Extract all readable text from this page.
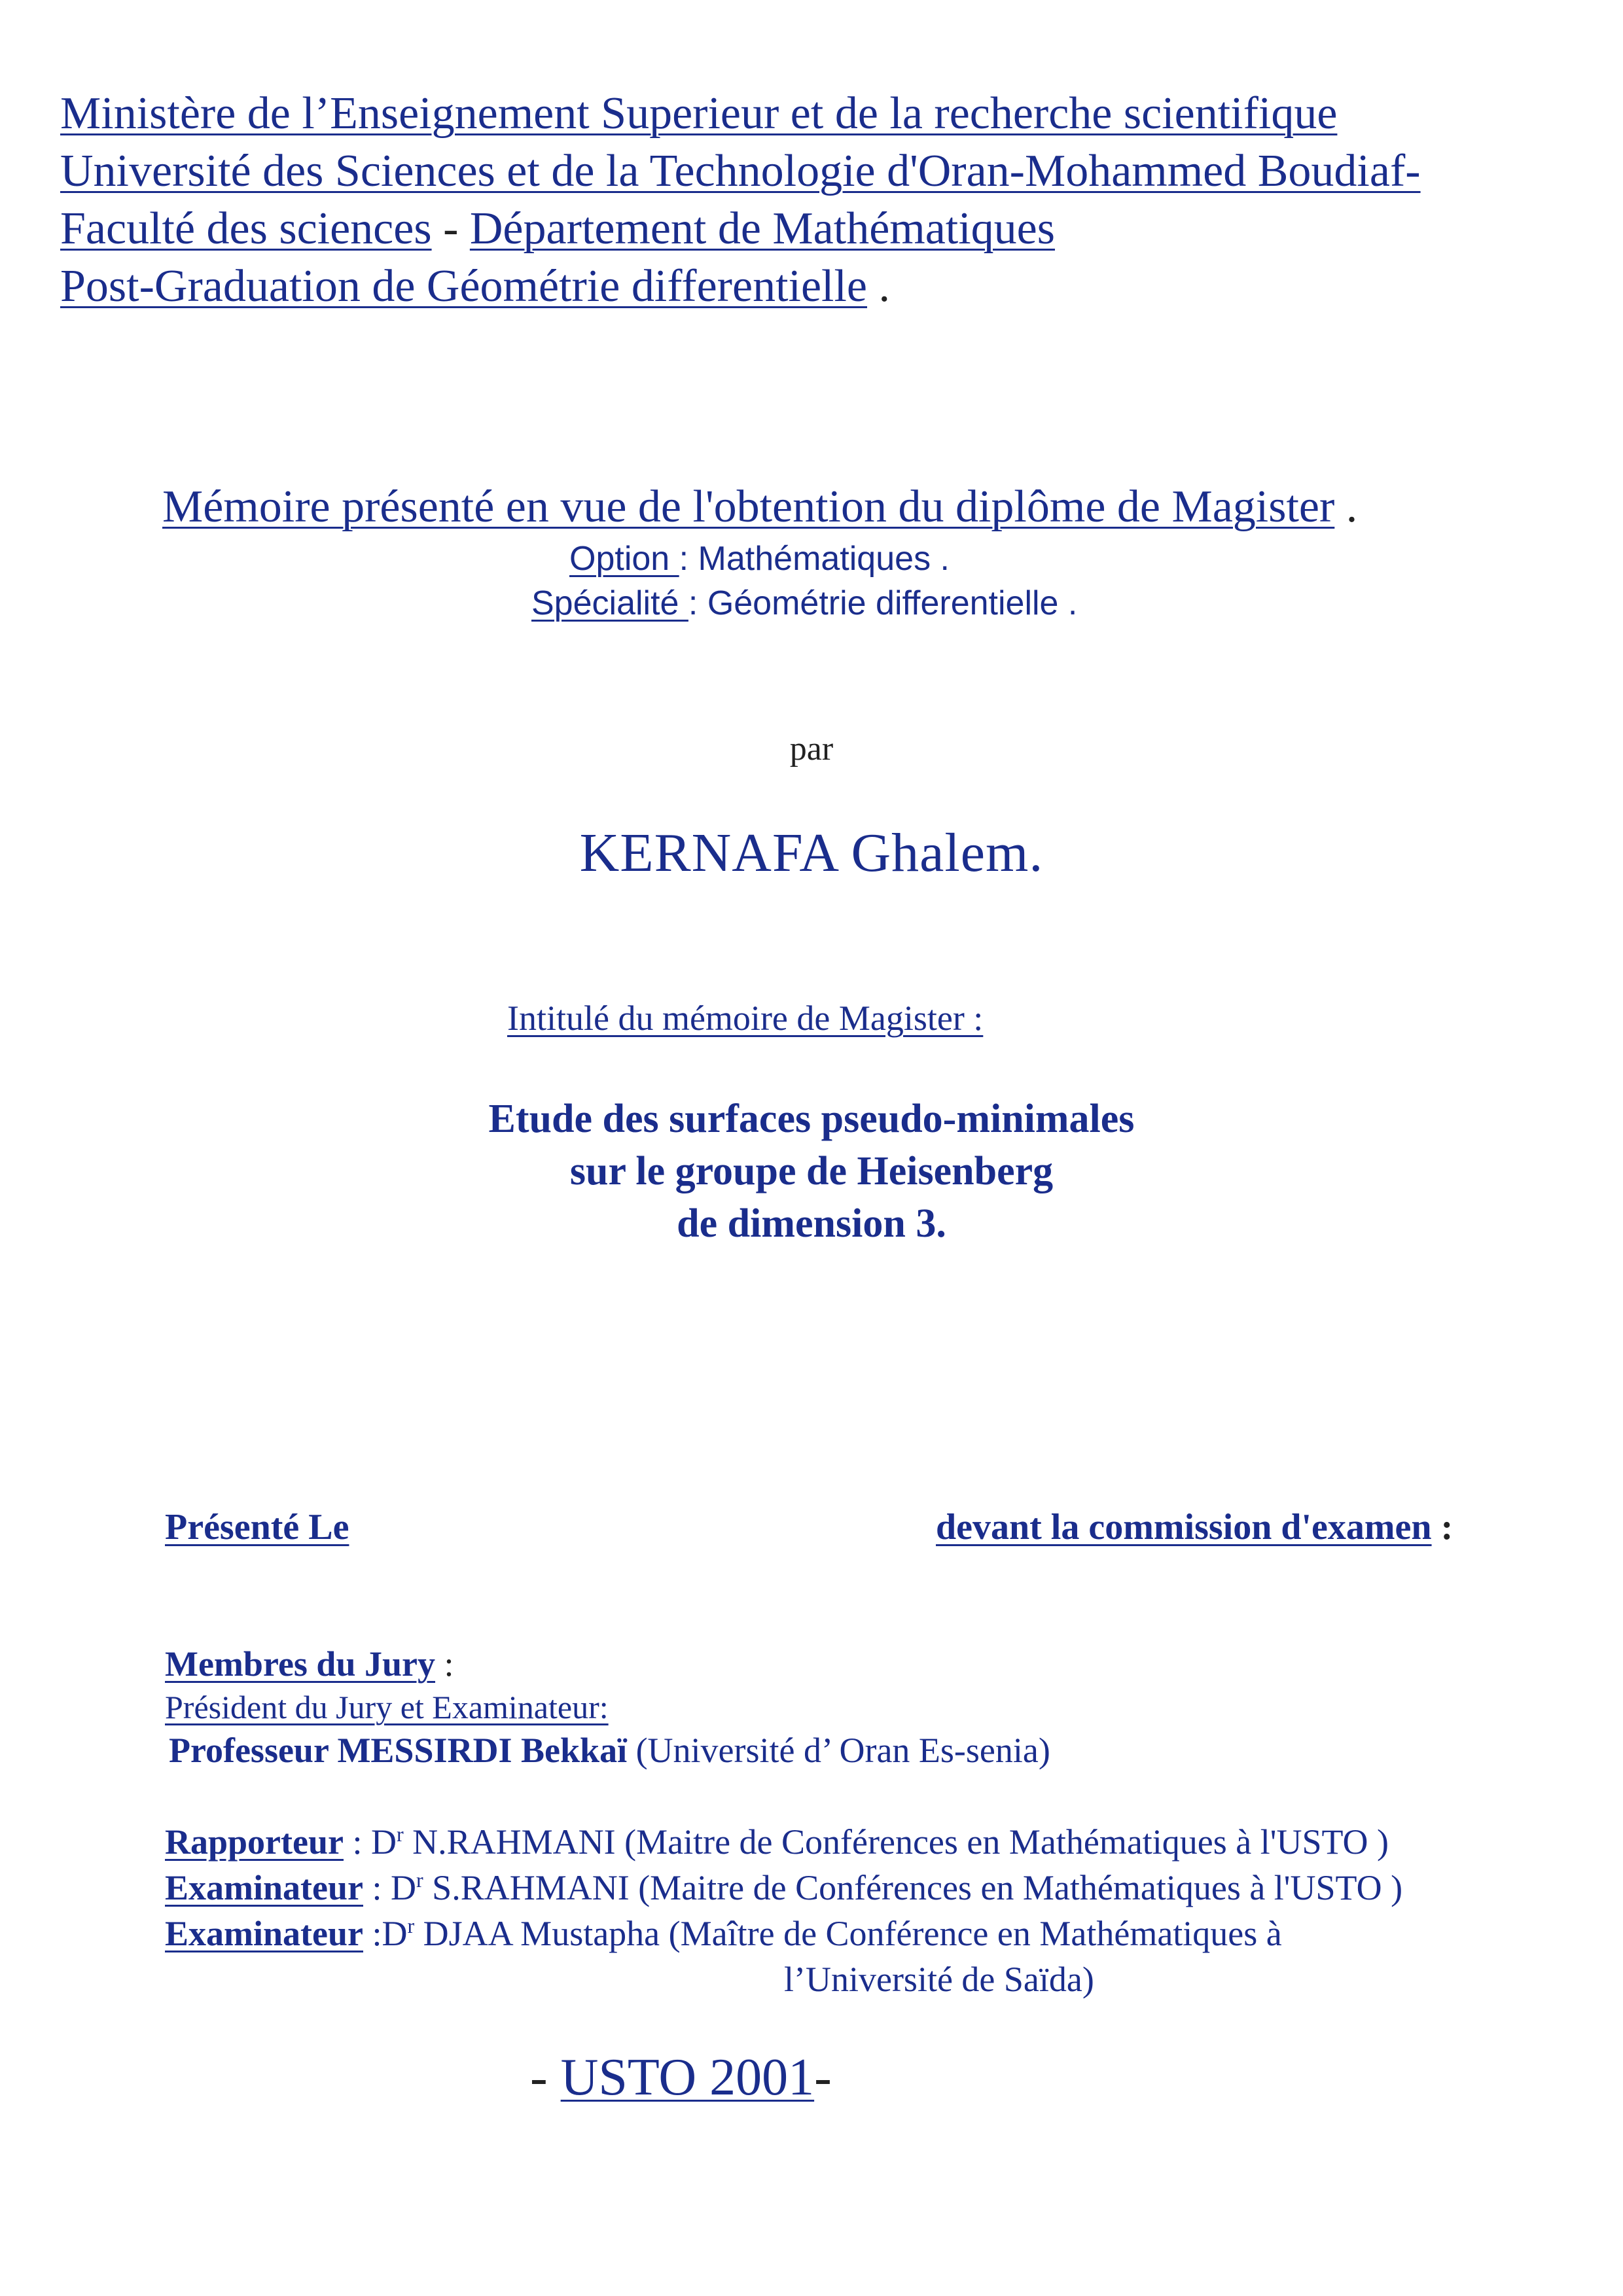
Ministère de l’Enseignement Superieur et de la recherche scientifique
Université des Sciences et de la Technologie d'Oran-Mohammed Boudiaf-
Faculté des sciences - Département de Mathématiques
Post-Graduation de Géométrie differentielle .
Mémoire présenté en vue de l'obtention du diplôme de Magister .
Option : Mathématiques .
Spécialité : Géométrie differentielle .
par
KERNAFA Ghalem.
Intitulé du mémoire de Magister :
Etude des surfaces pseudo-minimales
sur le groupe de Heisenberg
de dimension 3.
Présenté Le	devant la commission d'examen :
Membres du Jury :
Président du Jury et Examinateur:
Professeur MESSIRDI Bekkaï (Université d’ Oran Es-senia)
Rapporteur : $D^r$ N.RAHMANI (Maitre de Conférences en Mathématiques à l'USTO )
Examinateur : $D^r$ S.RAHMANI (Maitre de Conférences en Mathématiques à l'USTO )
Examinateur $:D^r$ DJAA Mustapha (Maître de Conférence en Mathématiques à
l’Université de Saïda)
- USTO 2001-
